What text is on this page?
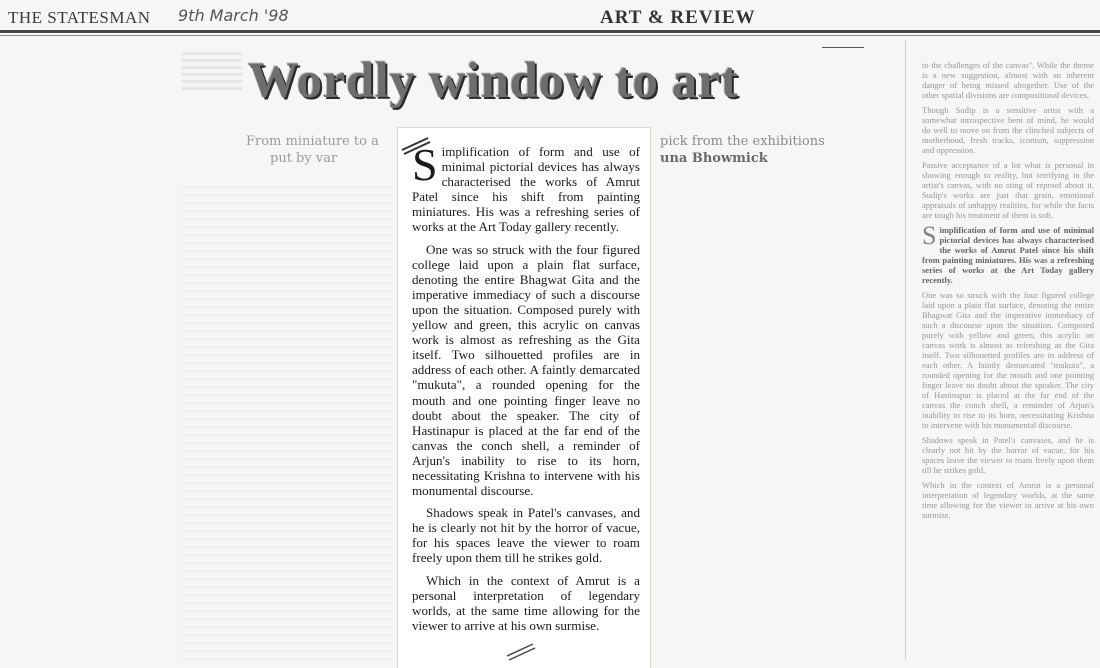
THE STATESMAN 9th March '98	ART & REVIEW
Wordly window to art
From miniature to a
put by var
pick from the exhibitions
una Bhowmick

Simplification of form and use of minimal pictorial devices has always characterised the works of Amrut Patel since his shift from painting miniatures. His was a refreshing series of works at the Art Today gallery recently.

One was so struck with the four figured college laid upon a plain flat surface, denoting the entire Bhagwat Gita and the imperative immediacy of such a discourse upon the situation. Composed purely with yellow and green, this acrylic on canvas work is almost as refreshing as the Gita itself. Two silhouetted profiles are in address of each other. A faintly demarcated "mukuta", a rounded opening for the mouth and one pointing finger leave no doubt about the speaker. The city of Hastinapur is placed at the far end of the canvas the conch shell, a reminder of Arjun's inability to rise to its horn, necessitating Krishna to intervene with his monumental discourse.

Shadows speak in Patel's canvases, and he is clearly not hit by the horror of vacue, for his spaces leave the viewer to roam freely upon them till he strikes gold.

Which in the context of Amrut is a personal interpretation of legendary worlds, at the same time allowing for the viewer to arrive at his own surmise.

to the challenges of the canvas". While the theme is a new suggestion, almost with an inherent danger of being missed altogether. Use of the other spatial divisions are compositional devices.

Though Sudip is a sensitive artist with a somewhat introspective bent of mind, he would do well to move on from the clinched subjects of motherhood, fresh tracks, iconism, suppression and oppression.

Passive acceptance of a lot what is personal in showing enough to reality, but terrifying in the artist's canvas, with no sting of reproof about it. Sudip's works are just that grain, emotional appraisals of unhappy realities, for while the facts are tough his treatment of them is soft.

Simplification of form and use of minimal pictorial devices has always characterised the works of Amrut Patel since his shift from painting miniatures. His was a refreshing series of works at the Art Today gallery recently.

One was so struck with the four figured college laid upon a plain flat surface, denoting the entire Bhagwat Gita and the imperative immediacy of such a discourse upon the situation. Composed purely with yellow and green, this acrylic on canvas work is almost as refreshing as the Gita itself. Two silhouetted profiles are in address of each other. A faintly demarcated "mukuta", a rounded opening for the mouth and one pointing finger leave no doubt about the speaker. The city of Hastinapur is placed at the far end of the canvas the conch shell, a reminder of Arjun's inability to rise to its horn, necessitating Krishna to intervene with his monumental discourse.

Shadows speak in Patel's canvases, and he is clearly not hit by the horror of vacue, for his spaces leave the viewer to roam freely upon them till he strikes gold.

Which in the context of Amrut is a personal interpretation of legendary worlds, at the same time allowing for the viewer to arrive at his own surmise.
